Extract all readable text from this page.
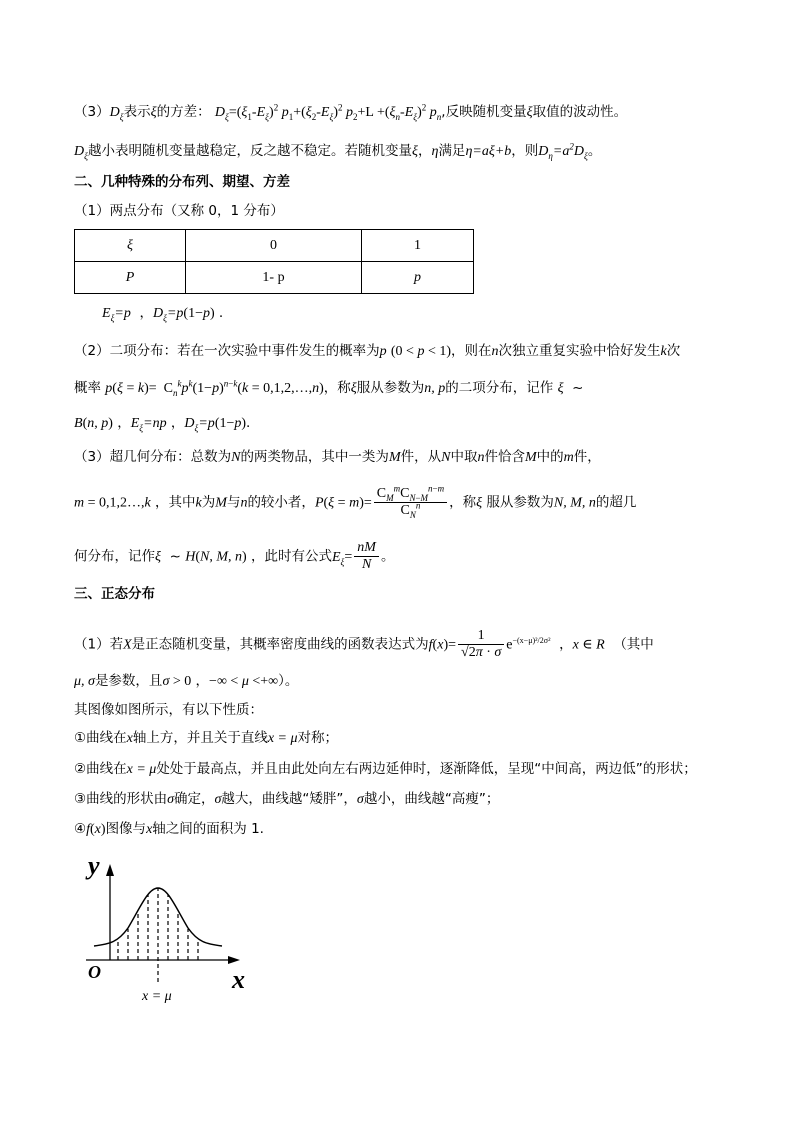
$(3)D_\xi$表示ξ的方差： $D_\xi=(\xi_1-E_\xi)^2$ $p_1+(\xi_2-E_\xi)^2$ $p_2+L +(\xi_n-E_\xi)^2$ $p_n$,反映随机变量ξ取值的波动性。
$D_\xi$越小表明随机变量越稳定，反之越不稳定。若随机变量ξ，η满足η=aξ+b，则$D_\eta=a^2D_\xi$。
二、几种特殊的分布列、期望、方差
（1）两点分布（又称 0，1 分布）
ξ	0	1
P	1- p	p
$E_\xi=p$  ，$D_\xi=p(1-p)$ .
（2）二项分布：若在一次实验中事件发生的概率为p (0 < p < 1)，则在n次独立重复实验中恰好发生k次
概率 $p(\xi = k)= C_n^kp^k(1-p)^{n-k}(k$ = 0,1,2,…,n)，称ξ服从参数为n, p的二项分布，记作 ξ  ~
B(n, p) ，$E_\xi=np$ ，$D_\xi=p(1-p)$.
（3）超几何分布：总数为N的两类物品，其中一类为M件，从N中取n件恰含M中的m件，
m = 0,1,2…,k ，其中k为M与n的较小者，$P(\xi = m)= \frac{C_M^mC_{N-M}^{n-m}}{C_N^n}$ ，称ξ 服从参数为N, M, n的超几
何分布，记作ξ  ~ H(N, M, n) ，此时有公式$E_\xi= \frac{nM}{N}$ 。
三、正态分布
（1）若X是正态随机变量，其概率密度曲线的函数表达式为$f(x)= \frac{1}{√2\pi \cdot \sigma} e^{-(x-\mu)^2/2\sigma^2}$  ，x ∈ R （其中
μ, σ是参数，且σ > 0 ，−∞ < μ <+∞）。
其图像如图所示，有以下性质：
①曲线在x轴上方，并且关于直线x = μ对称；
②曲线在x = μ处处于最高点，并且由此处向左右两边延伸时，逐渐降低，呈现“中间高，两边低”的形状；
③曲线的形状由σ确定，σ越大，曲线越“矮胖”，σ越小，曲线越“高瘦”；
④f(x)图像与x轴之间的面积为 1.
y
x
O
x = μ
